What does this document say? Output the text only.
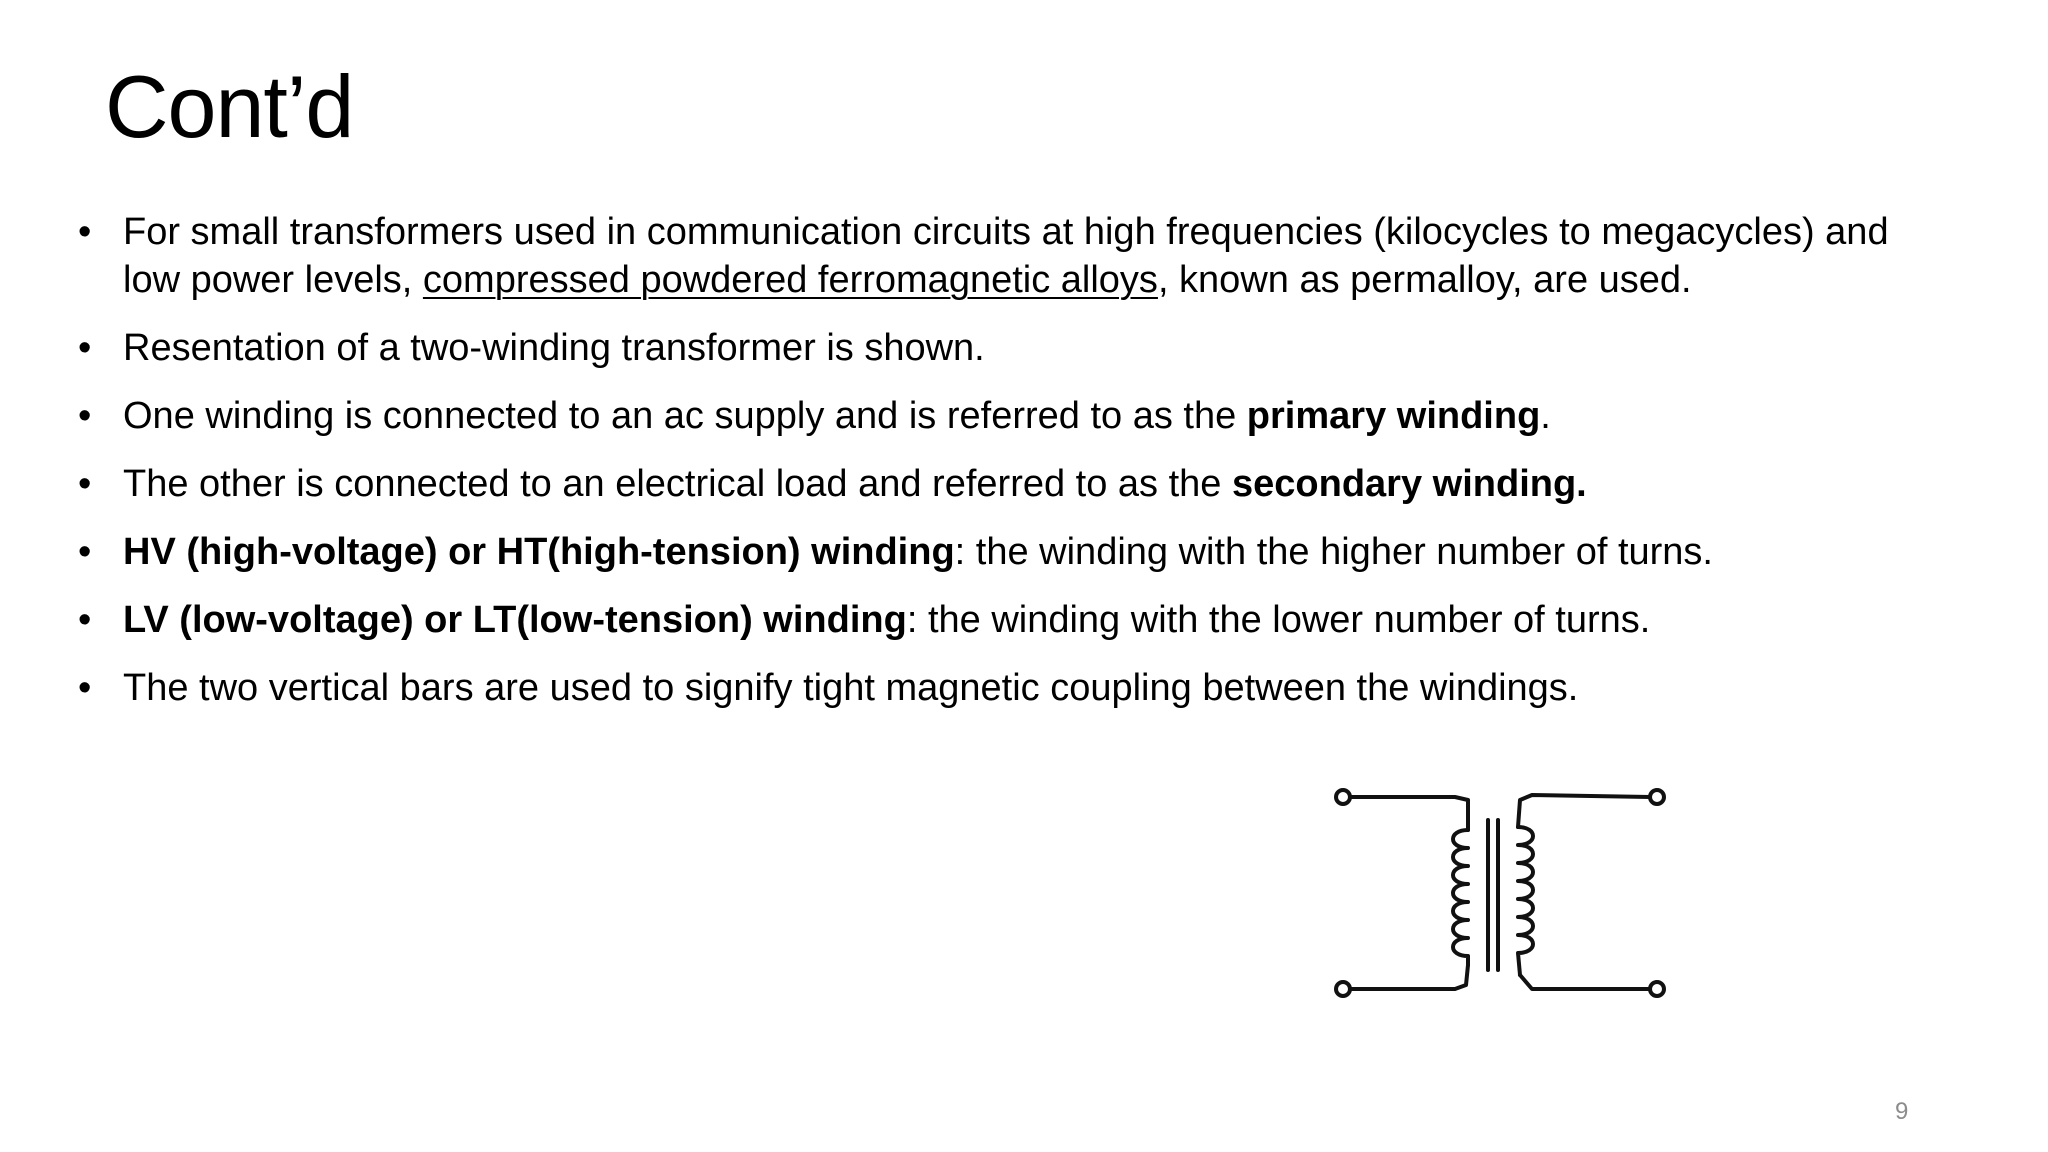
Cont’d
• For small transformers used in communication circuits at high frequencies (kilocycles to megacycles) and
low power levels, compressed powdered ferromagnetic alloys, known as permalloy, are used.
• Resentation of a two-winding transformer is shown.
• One winding is connected to an ac supply and is referred to as the primary winding.
• The other is connected to an electrical load and referred to as the secondary winding.
• HV (high-voltage) or HT(high-tension) winding: the winding with the higher number of turns.
• LV (low-voltage) or LT(low-tension) winding: the winding with the lower number of turns.
• The two vertical bars are used to signify tight magnetic coupling between the windings.
9
